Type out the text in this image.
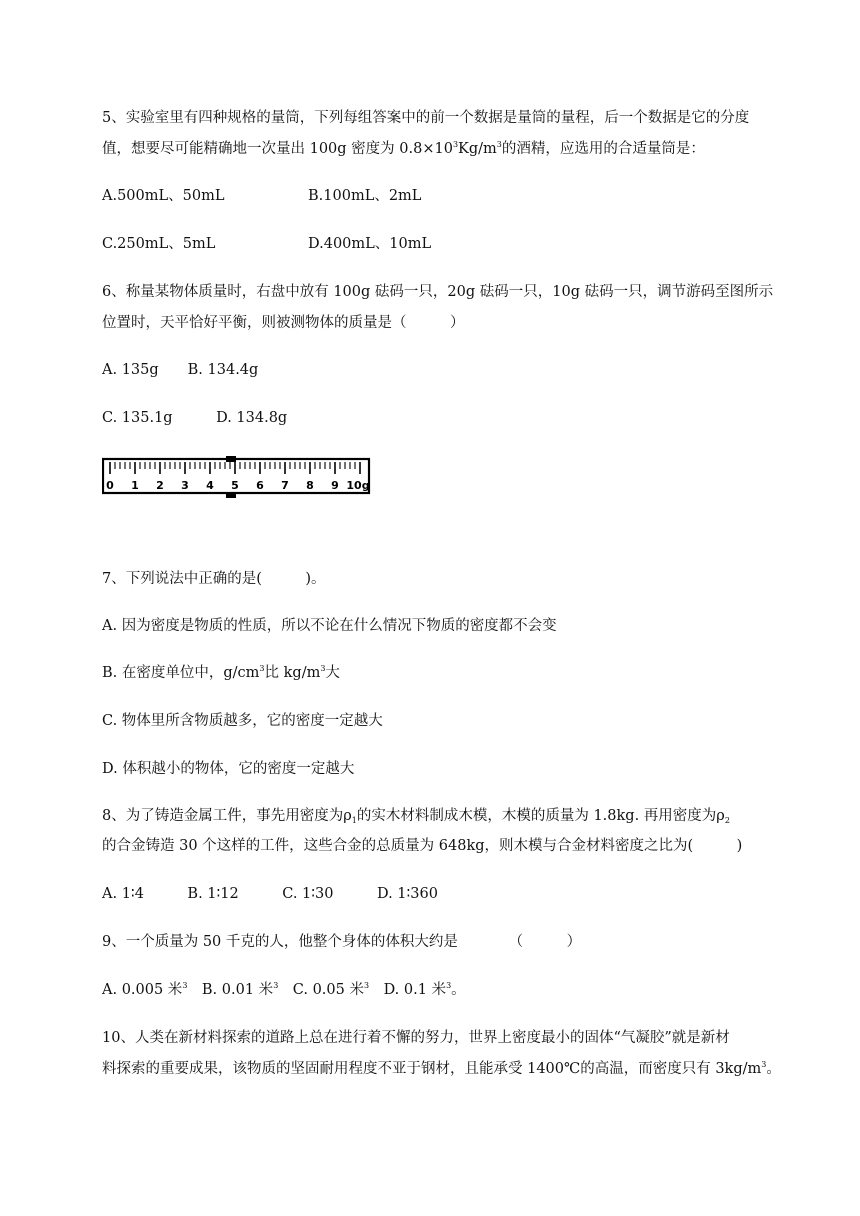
5、实验室里有四种规格的量筒，下列每组答案中的前一个数据是量筒的量程，后一个数据是它的分度
值，想要尽可能精确地一次量出 100g 密度为 $0.8\times 10^3Kg/m^3$的酒精，应选用的合适量筒是：
A.500mL、50mL	B.100mL、2mL
C.250mL、5mL	D.400mL、10mL
6、称量某物体质量时，右盘中放有 100g 砝码一只，20g 砝码一只，10g 砝码一只，调节游码至图所示
位置时，天平恰好平衡，则被测物体的质量是（　　　）
A. 135g　　B. 134.4g
C. 135.1g　　　D. 134.8g
0 1 2 3 4 5 6 7 8 9 10g
7、下列说法中正确的是(　　　)。
A. 因为密度是物质的性质，所以不论在什么情况下物质的密度都不会变
B. 在密度单位中，$g/cm^3$比 $kg/m^3$大
C. 物体里所含物质越多，它的密度一定越大
D. 体积越小的物体，它的密度一定越大
8、为了铸造金属工件，事先用密度为$\rho_1$的实木材料制成木模，木模的质量为 1.8kg. 再用密度为$\rho_2$
的合金铸造 30 个这样的工件，这些合金的总质量为 648kg，则木模与合金材料密度之比为(　　　)
A. 1∶4　　　B. 1∶12　　　C. 1∶30　　　D. 1∶360
9、一个质量为 50 千克的人，他整个身体的体积大约是　　　　（　　　）
A. 0.005 米$^3$　B. 0.01 米$^3$　C. 0.05 米$^3$　D. 0.1 米$^3$。
10、人类在新材料探索的道路上总在进行着不懈的努力，世界上密度最小的固体“气凝胶”就是新材
料探索的重要成果，该物质的坚固耐用程度不亚于钢材，且能承受 1400℃的高温，而密度只有 $3kg/m^3$。
